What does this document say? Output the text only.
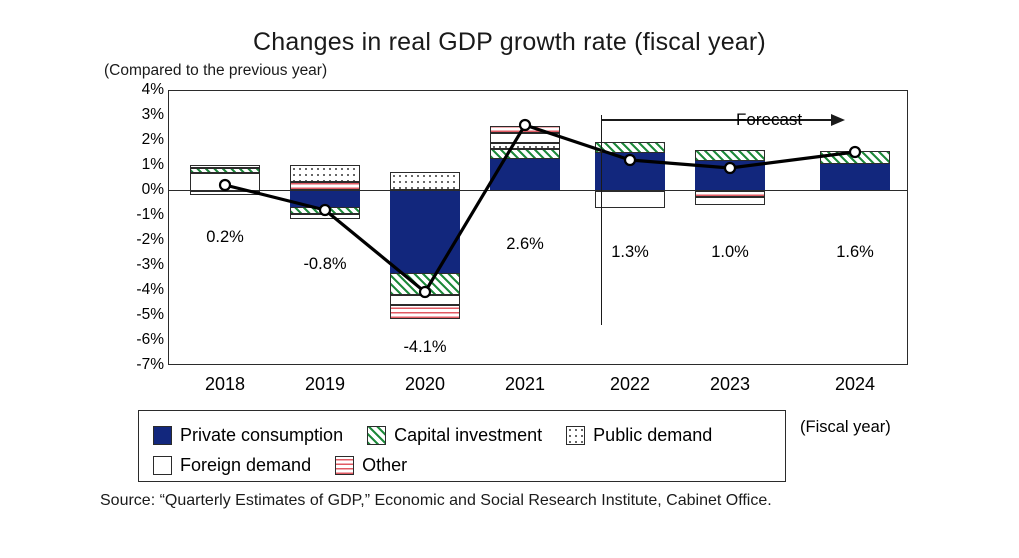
Changes in real GDP growth rate (fiscal year)
(Compared to the previous year)
4%
3%
2%
1%
0%
-1%
-2%
-3%
-4%
-5%
-6%
-7%
Forecast
0.2%
-0.8%
-4.1%
2.6%	1.3%	1.0%	1.6%
2018	2019	2020	2021	2022	2023	2024
Private consumption	Capital investment	Public demand
Foreign demand	Other
(Fiscal year)
Source: “Quarterly Estimates of GDP,” Economic and Social Research Institute, Cabinet Office.
